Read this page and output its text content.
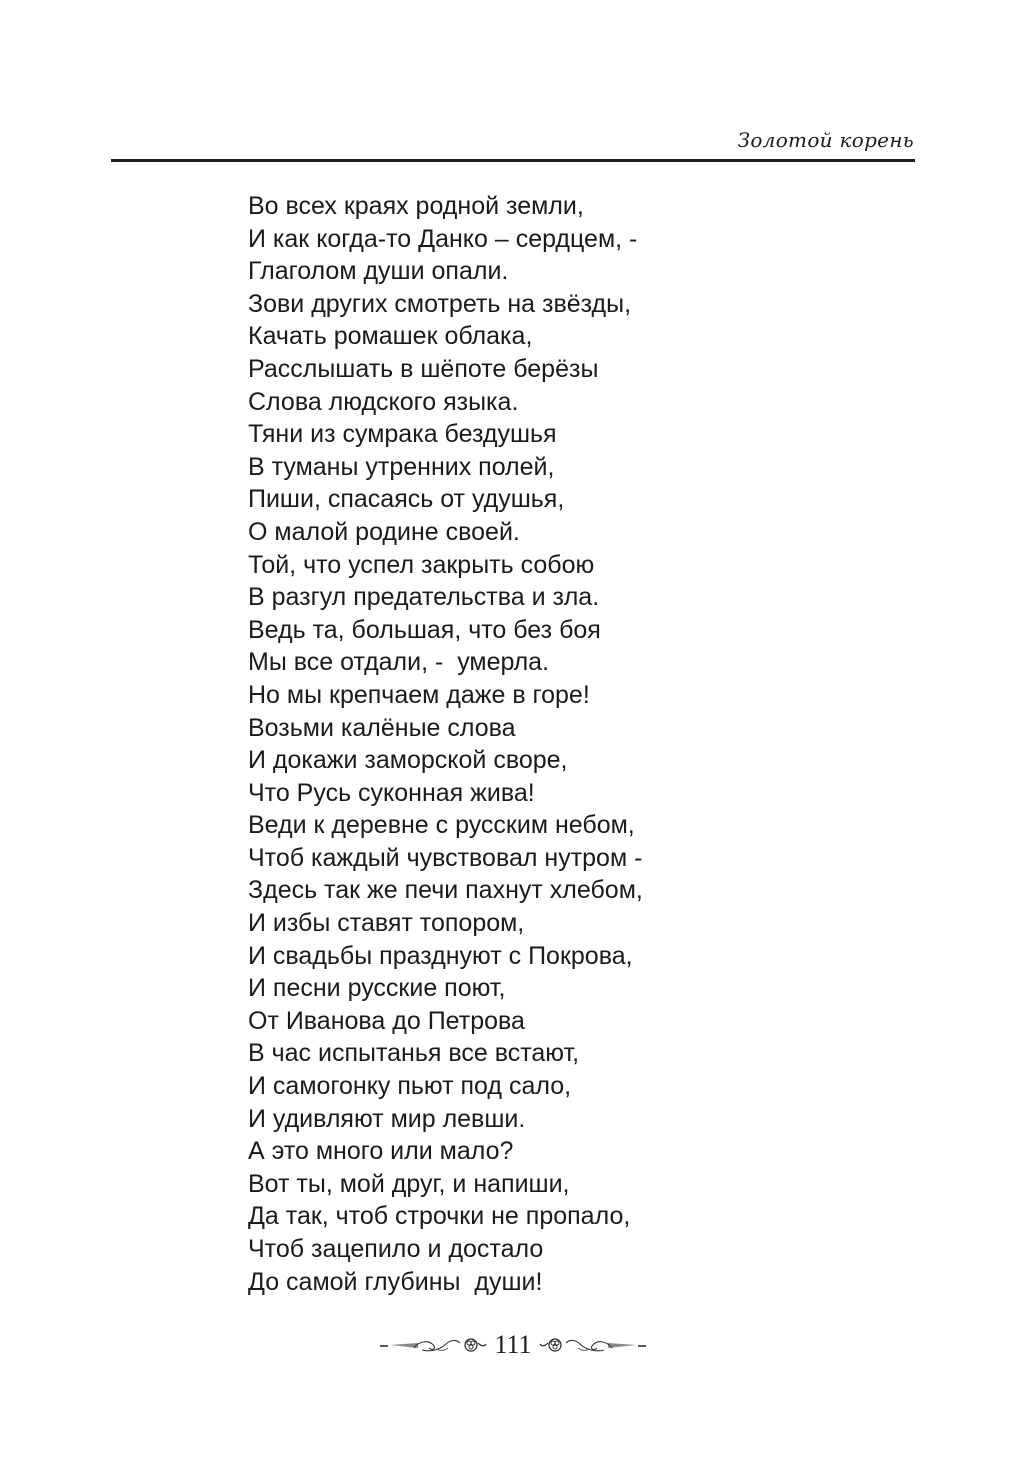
Золотой корень
Во всех краях родной земли,
И как когда-то Данко – сердцем, -
Глаголом души опали.
Зови других смотреть на звёзды,
Качать ромашек облака,
Расслышать в шёпоте берёзы
Слова людского языка.
Тяни из сумрака бездушья
В туманы утренних полей,
Пиши, спасаясь от удушья,
О малой родине своей.
Той, что успел закрыть собою
В разгул предательства и зла.
Ведь та, большая, что без боя
Мы все отдали, -  умерла.
Но мы крепчаем даже в горе!
Возьми калёные слова
И докажи заморской своре,
Что Русь суконная жива!
Веди к деревне с русским небом,
Чтоб каждый чувствовал нутром -
Здесь так же печи пахнут хлебом,
И избы ставят топором,
И свадьбы празднуют с Покрова,
И песни русские поют,
От Иванова до Петрова
В час испытанья все встают,
И самогонку пьют под сало,
И удивляют мир левши.
А это много или мало?
Вот ты, мой друг, и напиши,
Да так, чтоб строчки не пропало,
Чтоб зацепило и достало
До самой глубины  души!
111
